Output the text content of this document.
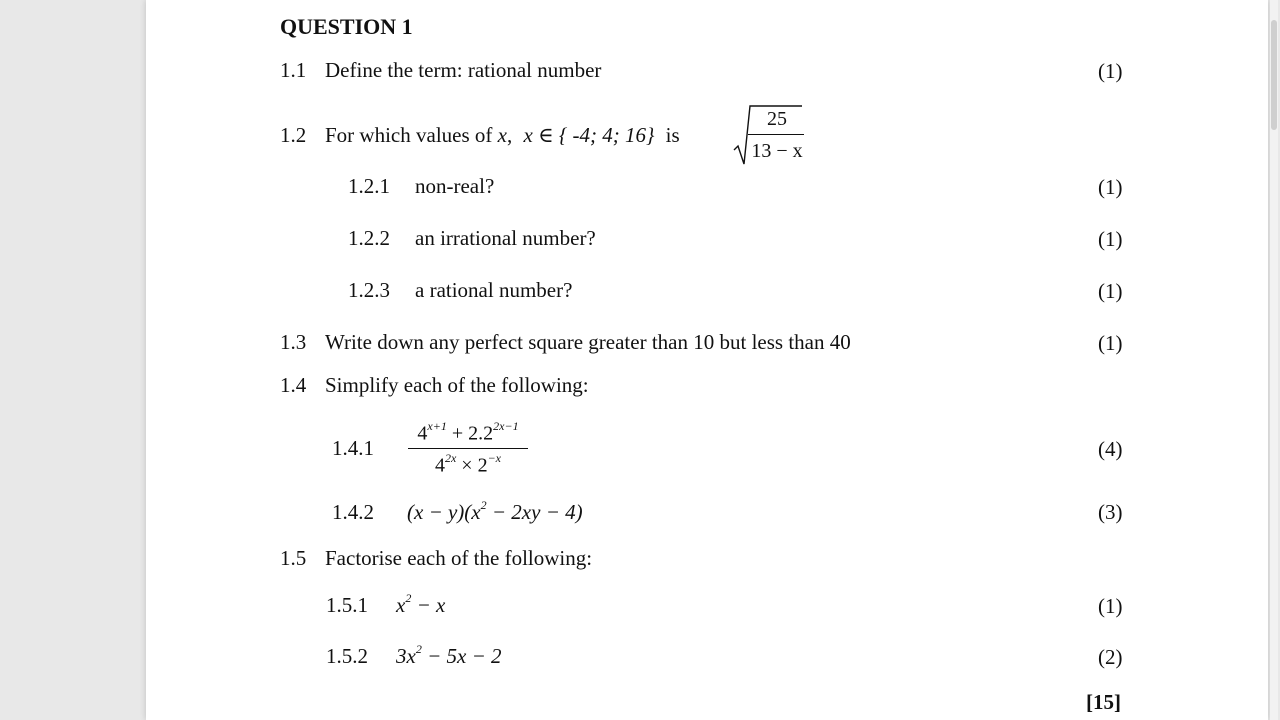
QUESTION 1
1.1 Define the term: rational number	(1)
1.2 For which values of x, x ∈ { -4; 4; 16} is
25
13 − x
1.2.1 non-real?	(1)
1.2.2 an irrational number?	(1)
1.2.3 a rational number?	(1)
1.3 Write down any perfect square greater than 10 but less than 40	(1)
1.4 Simplify each of the following:
1.4.1
$4^{x+1} + 2.2^{2x-1}$
$4^{2x} \times 2^{-x}$	(4)
1.4.2 $(x - y)(x^2 - 2xy - 4)$	(3)
1.5 Factorise each of the following:
1.5.1 $x^2 - x$	(1)
1.5.2 $3x^2 - 5x - 2$	(2)
[15]
